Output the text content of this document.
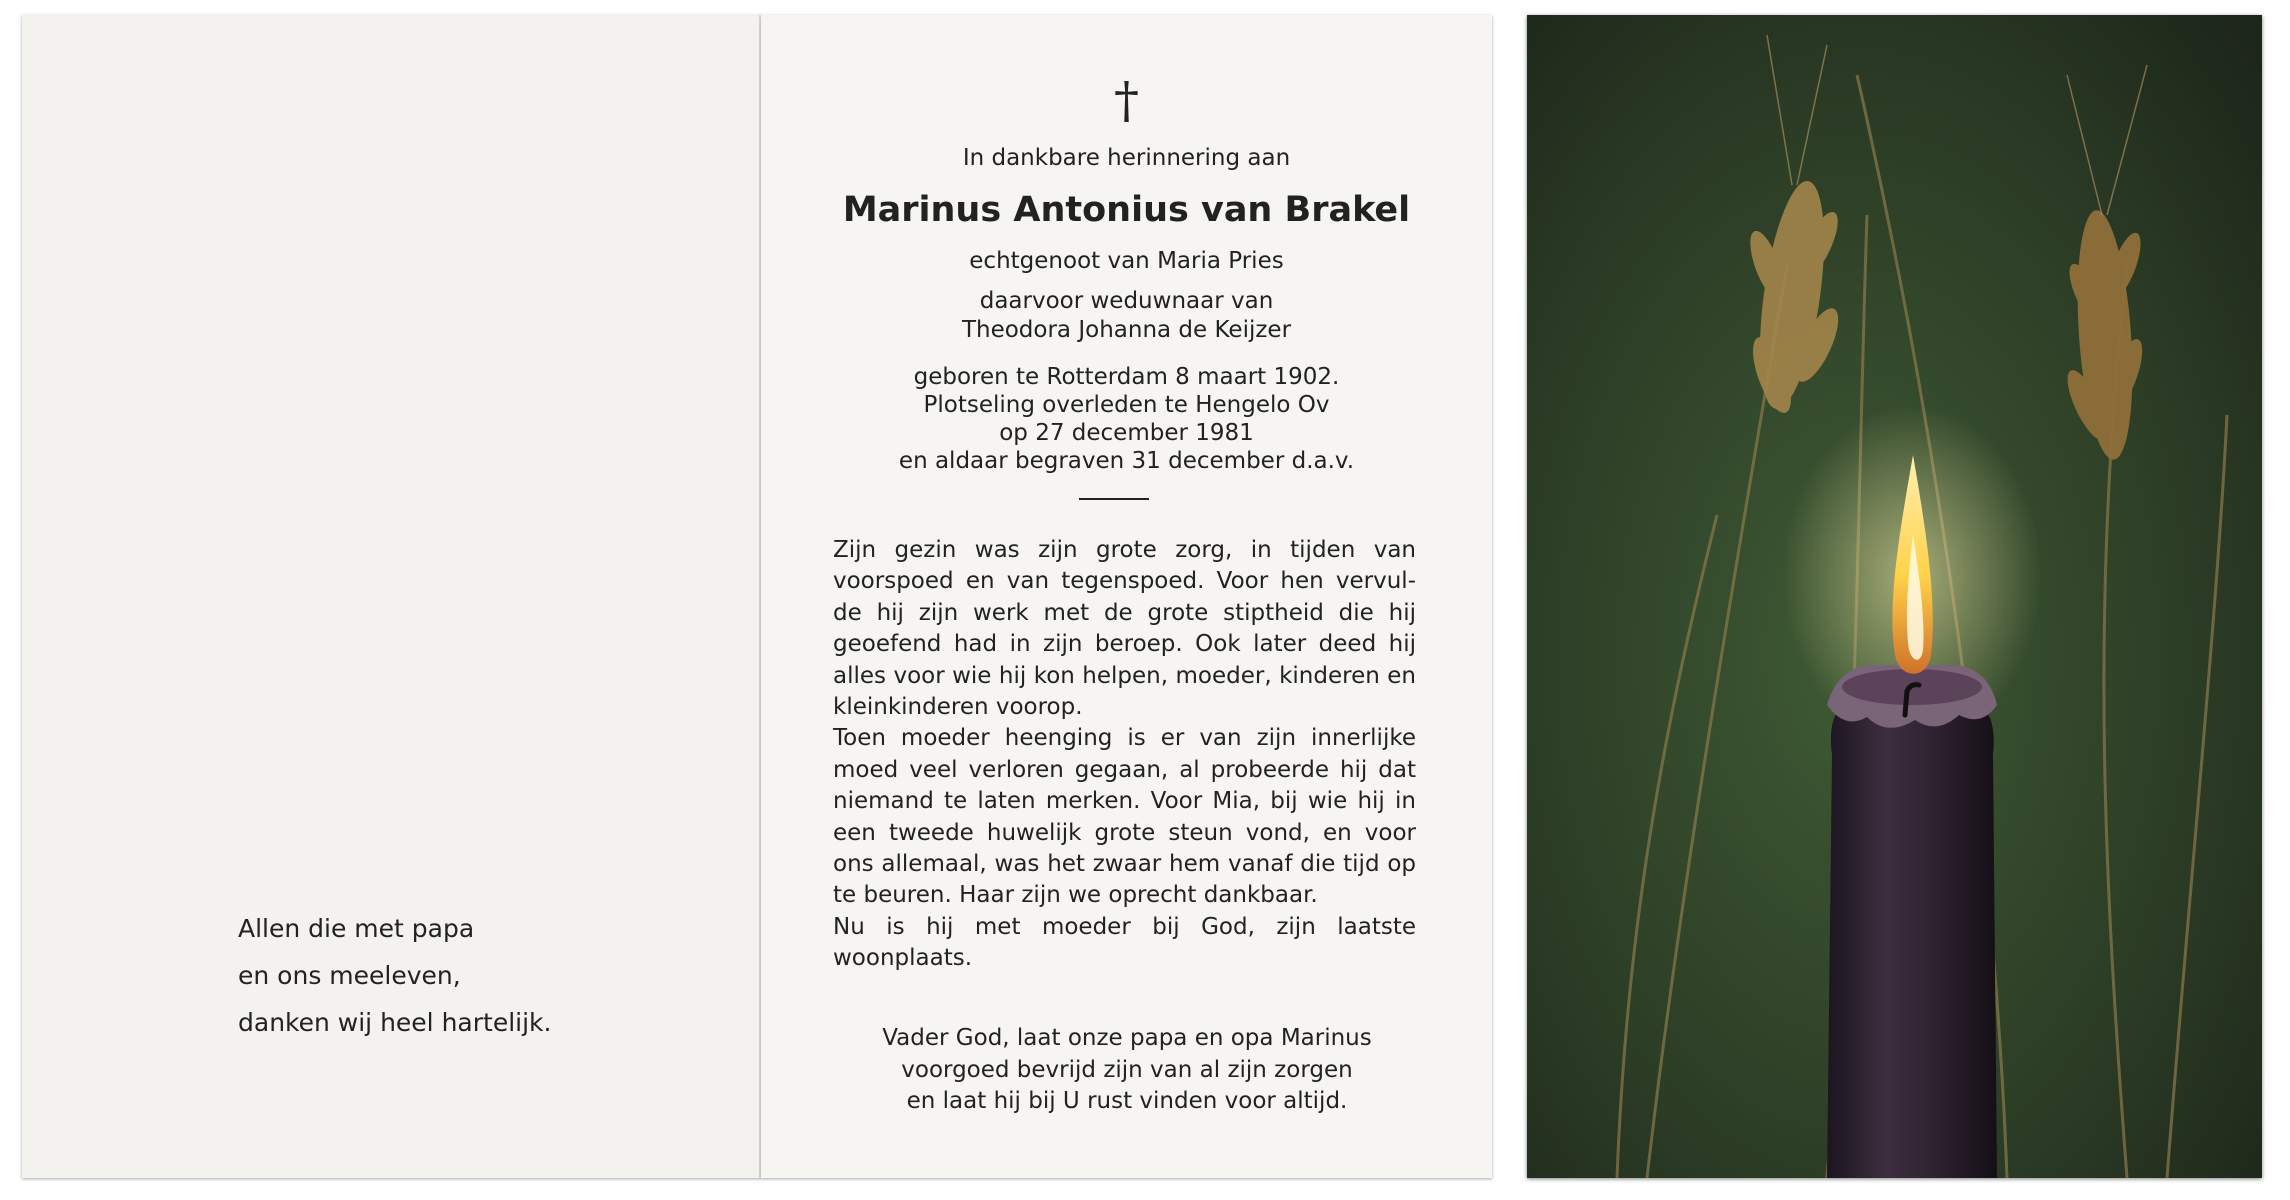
Allen die met papa
en ons meeleven,
danken wij heel hartelijk.
†
In dankbare herinnering aan
Marinus Antonius van Brakel
echtgenoot van Maria Pries
daarvoor weduwnaar van
Theodora Johanna de Keijzer
geboren te Rotterdam 8 maart 1902.
Plotseling overleden te Hengelo Ov
op 27 december 1981
en aldaar begraven 31 december d.a.v.

Zijn gezin was zijn grote zorg, in tijden van voorspoed en van tegenspoed. Voor hen vervul- de hij zijn werk met de grote stiptheid die hij geoefend had in zijn beroep. Ook later deed hij alles voor wie hij kon helpen, moeder, kinderen en kleinkinderen voorop.

Toen moeder heenging is er van zijn innerlijke moed veel verloren gegaan, al probeerde hij dat niemand te laten merken. Voor Mia, bij wie hij in een tweede huwelijk grote steun vond, en voor ons allemaal, was het zwaar hem vanaf die tijd op te beuren. Haar zijn we oprecht dankbaar.

Nu is hij met moeder bij God, zijn laatste woonplaats.

Vader God, laat onze papa en opa Marinus

voorgoed bevrijd zijn van al zijn zorgen

en laat hij bij U rust vinden voor altijd.
